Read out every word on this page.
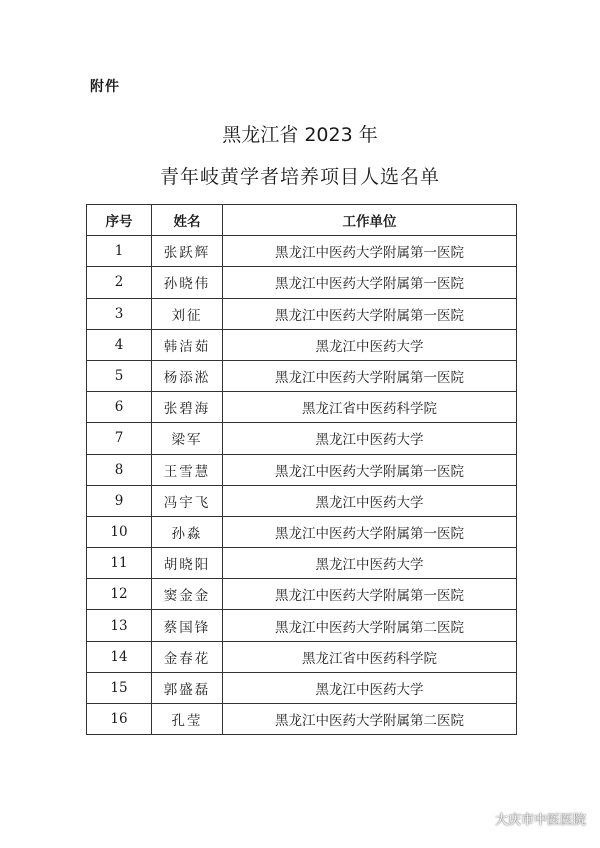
附件
黑龙江省 2023 年
青年岐黄学者培养项目人选名单
序号	姓名	工作单位
1	张跃辉	黑龙江中医药大学附属第一医院
2	孙晓伟	黑龙江中医药大学附属第一医院
3	刘征	黑龙江中医药大学附属第一医院
4	韩洁茹	黑龙江中医药大学
5	杨添淞	黑龙江中医药大学附属第一医院
6	张碧海	黑龙江省中医药科学院
7	梁军	黑龙江中医药大学
8	王雪慧	黑龙江中医药大学附属第一医院
9	冯宇飞	黑龙江中医药大学
10	孙淼	黑龙江中医药大学附属第一医院
11	胡晓阳	黑龙江中医药大学
12	窦金金	黑龙江中医药大学附属第一医院
13	蔡国锋	黑龙江中医药大学附属第二医院
14	金春花	黑龙江省中医药科学院
15	郭盛磊	黑龙江中医药大学
16	孔莹	黑龙江中医药大学附属第二医院
大庆市中医医院
